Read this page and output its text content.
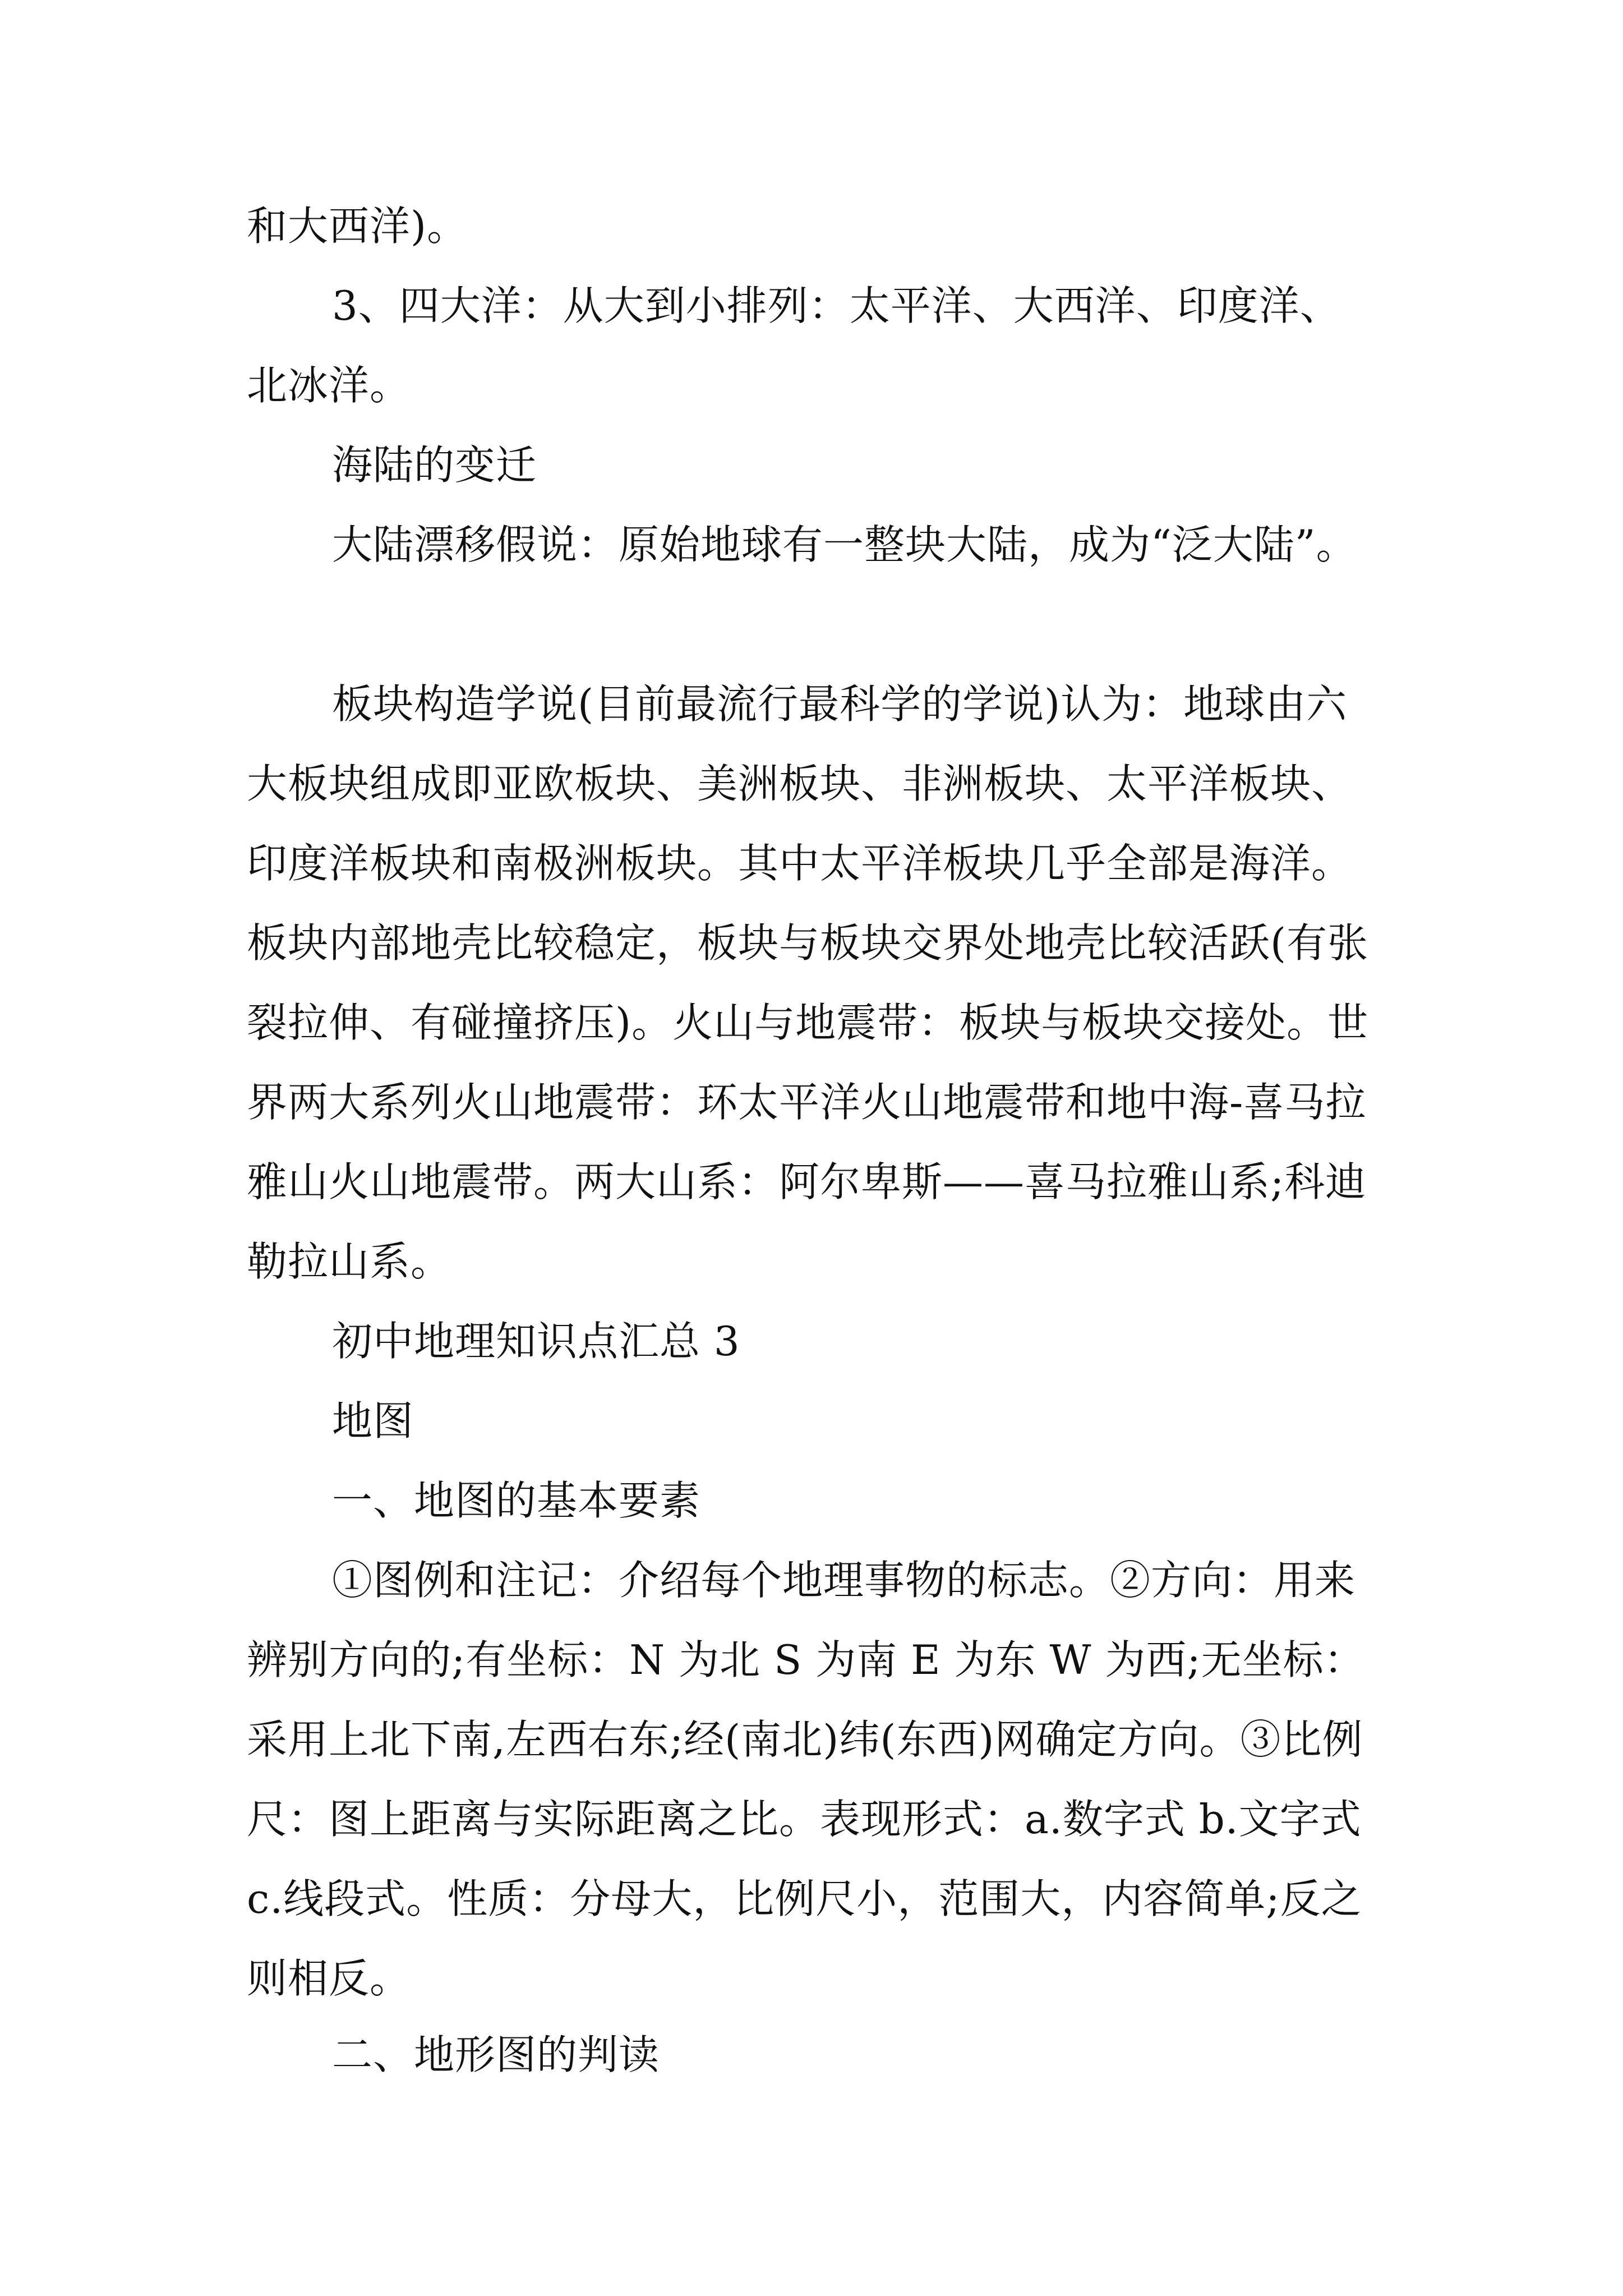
和大西洋)。
3、四大洋：从大到小排列：太平洋、大西洋、印度洋、北冰洋。
海陆的变迁
大陆漂移假说：原始地球有一整块大陆，成为“泛大陆”。
板块构造学说(目前最流行最科学的学说)认为：地球由六大板块组成即亚欧板块、美洲板块、非洲板块、太平洋板块、印度洋板块和南极洲板块。其中太平洋板块几乎全部是海洋。板块内部地壳比较稳定，板块与板块交界处地壳比较活跃(有张裂拉伸、有碰撞挤压)。火山与地震带：板块与板块交接处。世界两大系列火山地震带：环太平洋火山地震带和地中海-喜马拉雅山火山地震带。两大山系：阿尔卑斯——喜马拉雅山系;科迪勒拉山系。
初中地理知识点汇总 3
地图
一、地图的基本要素
①图例和注记：介绍每个地理事物的标志。②方向：用来辨别方向的;有坐标：N 为北 S 为南 E 为东 W 为西;无坐标：采用上北下南,左西右东;经(南北)纬(东西)网确定方向。③比例尺：图上距离与实际距离之比。表现形式：a.数字式 b.文字式 c.线段式。性质：分母大，比例尺小，范围大，内容简单;反之则相反。
二、地形图的判读
